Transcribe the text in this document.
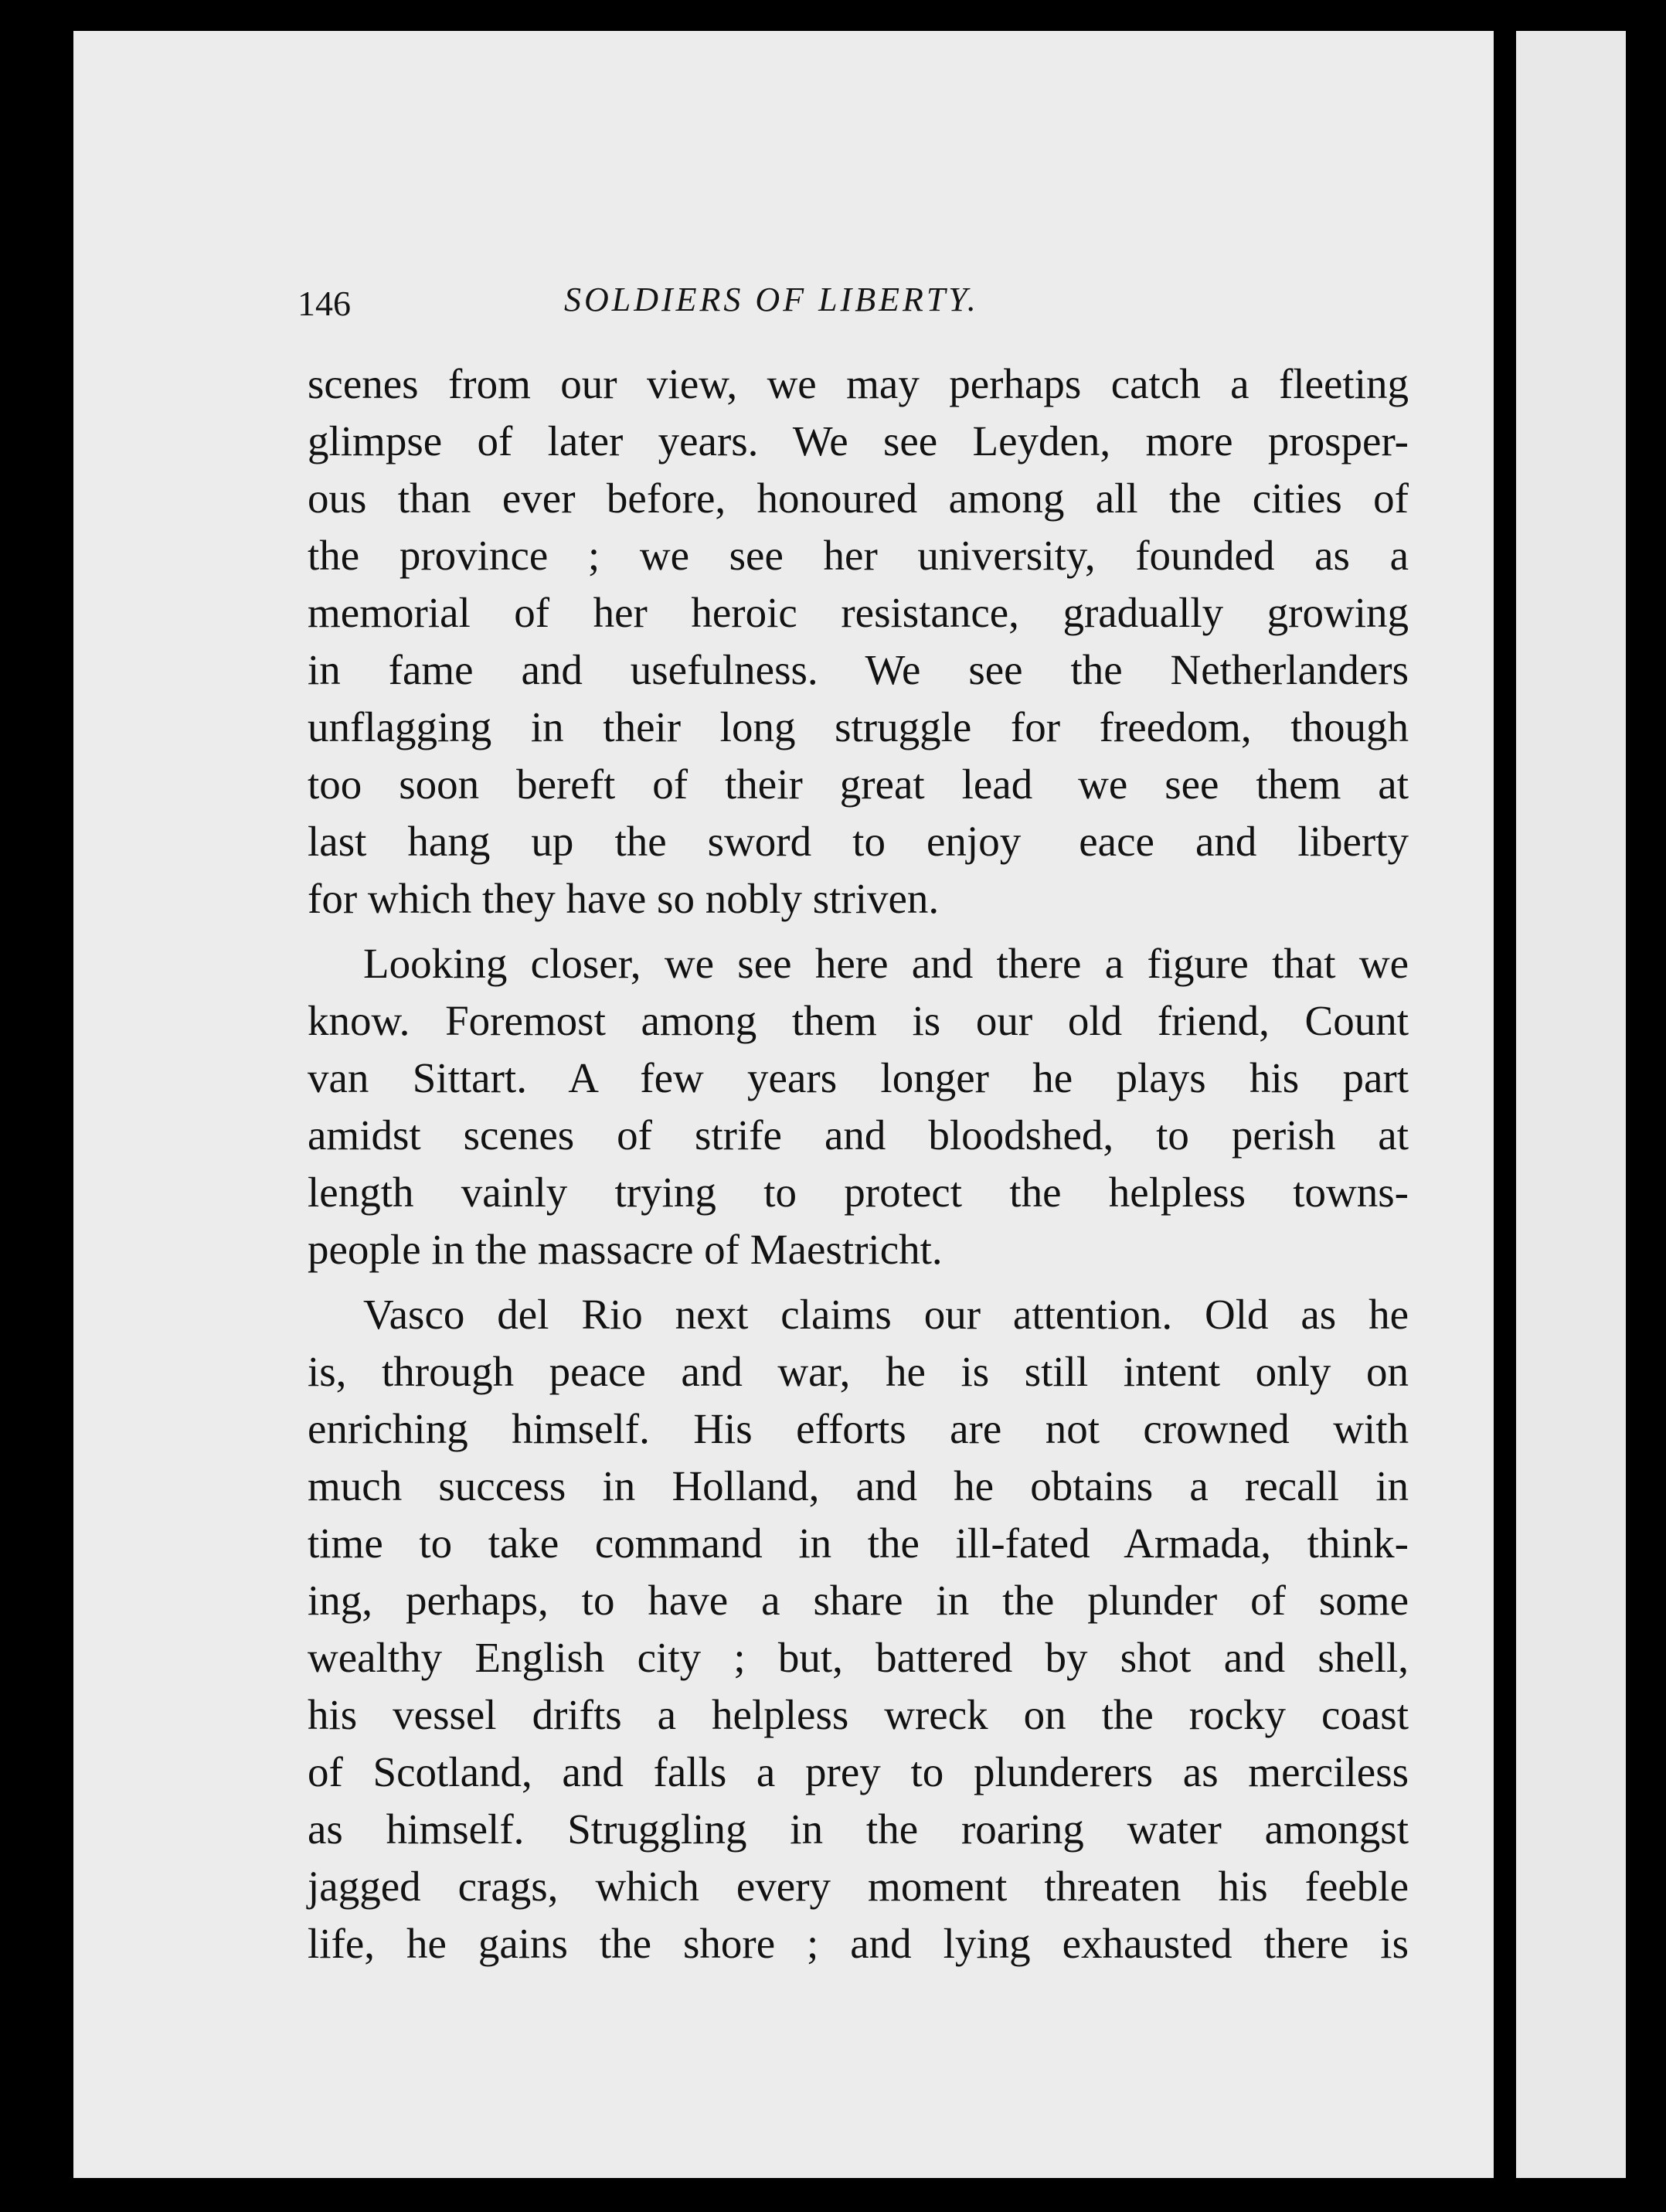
146	SOLDIERS OF LIBERTY.
scenes from our view, we may perhaps catch a fleeting
glimpse of later years. We see Leyden, more prosper-
ous than ever before, honoured among all the cities of
the province ; we see her university, founded as a
memorial of her heroic resistance, gradually growing
in fame and usefulness. We see the Netherlanders
unflagging in their long struggle for freedom, though
too soon bereft of their great lead  we see them at
last hang up the sword to enjoy   eace and liberty
for which they have so nobly striven.
Looking closer, we see here and there a figure that we
know. Foremost among them is our old friend, Count
van Sittart. A few years longer he plays his part
amidst scenes of strife and bloodshed, to perish at
length vainly trying to protect the helpless towns-
people in the massacre of Maestricht.
Vasco del Rio next claims our attention. Old as he
is, through peace and war, he is still intent only on
enriching himself. His efforts are not crowned with
much success in Holland, and he obtains a recall in
time to take command in the ill-fated Armada, think-
ing, perhaps, to have a share in the plunder of some
wealthy English city ; but, battered by shot and shell,
his vessel drifts a helpless wreck on the rocky coast
of Scotland, and falls a prey to plunderers as merciless
as himself. Struggling in the roaring water amongst
jagged crags, which every moment threaten his feeble
life, he gains the shore ; and lying exhausted there is
